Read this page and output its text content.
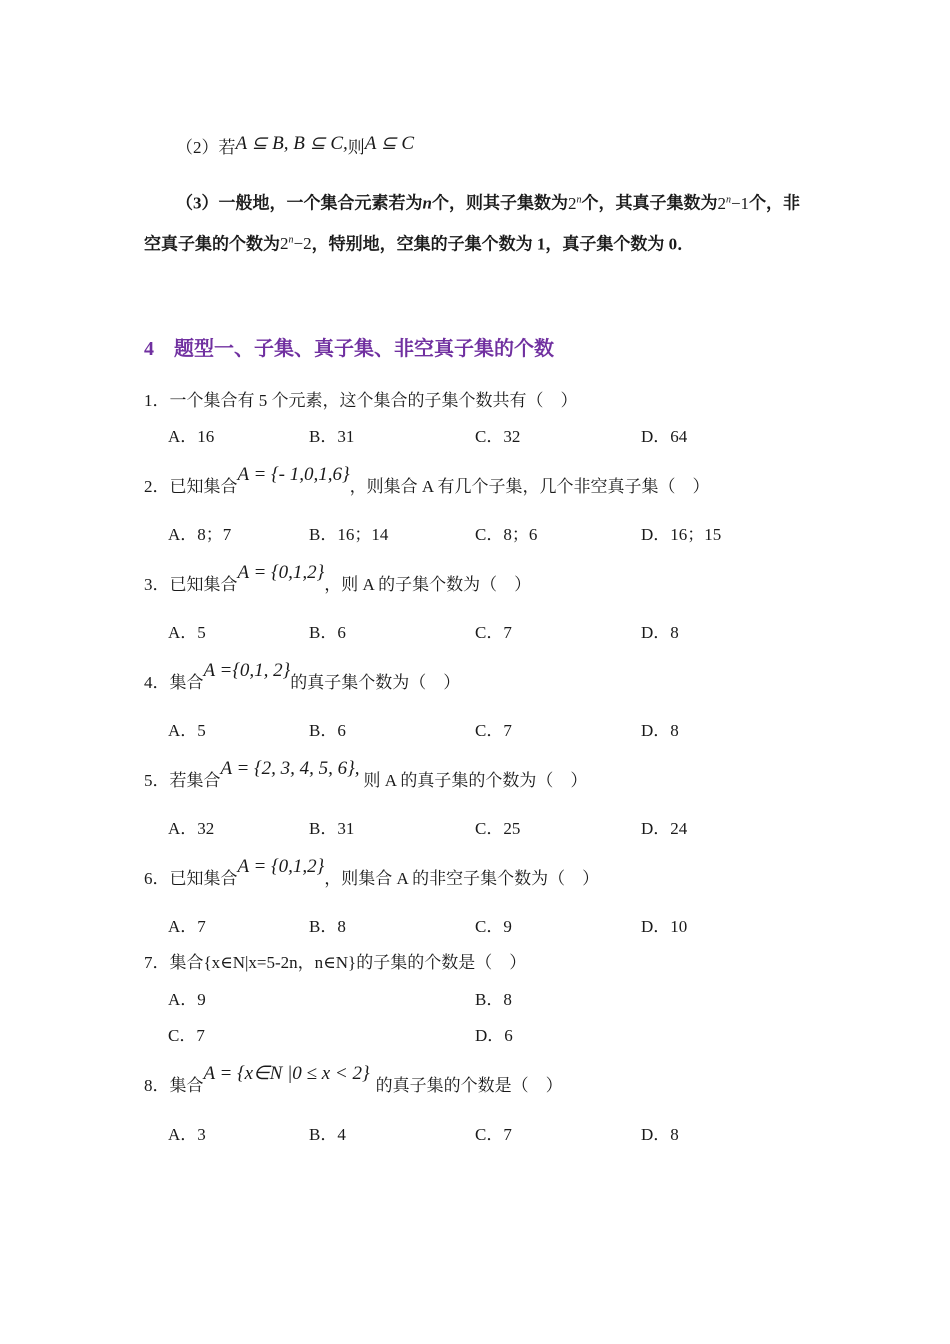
（2）若A ⊆ B, B ⊆ C,则A ⊆ C
（3）一般地，一个集合元素若为n个，则其子集数为2$^n$个，其真子集数为$2^n-1$个，非空真子集的个数为$2^n-2$，特别地，空集的子集个数为 1，真子集个数为 0．
4 题型一、子集、真子集、非空真子集的个数
1．一个集合有 5 个元素，这个集合的子集个数共有（　）
A．16	B．31	C．32	D．64
2．已知集合A = {- 1,0,1,6}，则集合 A 有几个子集，几个非空真子集（　）
A．8；7	B．16；14	C．8；6	D．16；15
3．已知集合A = {0,1,2}，则 A 的子集个数为（　）
A．5	B．6	C．7	D．8
4．集合A ={0,1, 2}的真子集个数为（　）
A．5	B．6	C．7	D．8
5．若集合A = {2, 3, 4, 5, 6},则 A 的真子集的个数为（　）
A．32	B．31	C．25	D．24
6．已知集合A = {0,1,2}，则集合 A 的非空子集个数为（　）
A．7	B．8	C．9	D．10
7．集合{x∈N|x=5-2n，n∈N}的子集的个数是（　）
A．9	B．8
C．7	D．6
8．集合A = {x∈N |0 ≤ x < 2}的真子集的个数是（　）
A．3	B．4	C．7	D．8
